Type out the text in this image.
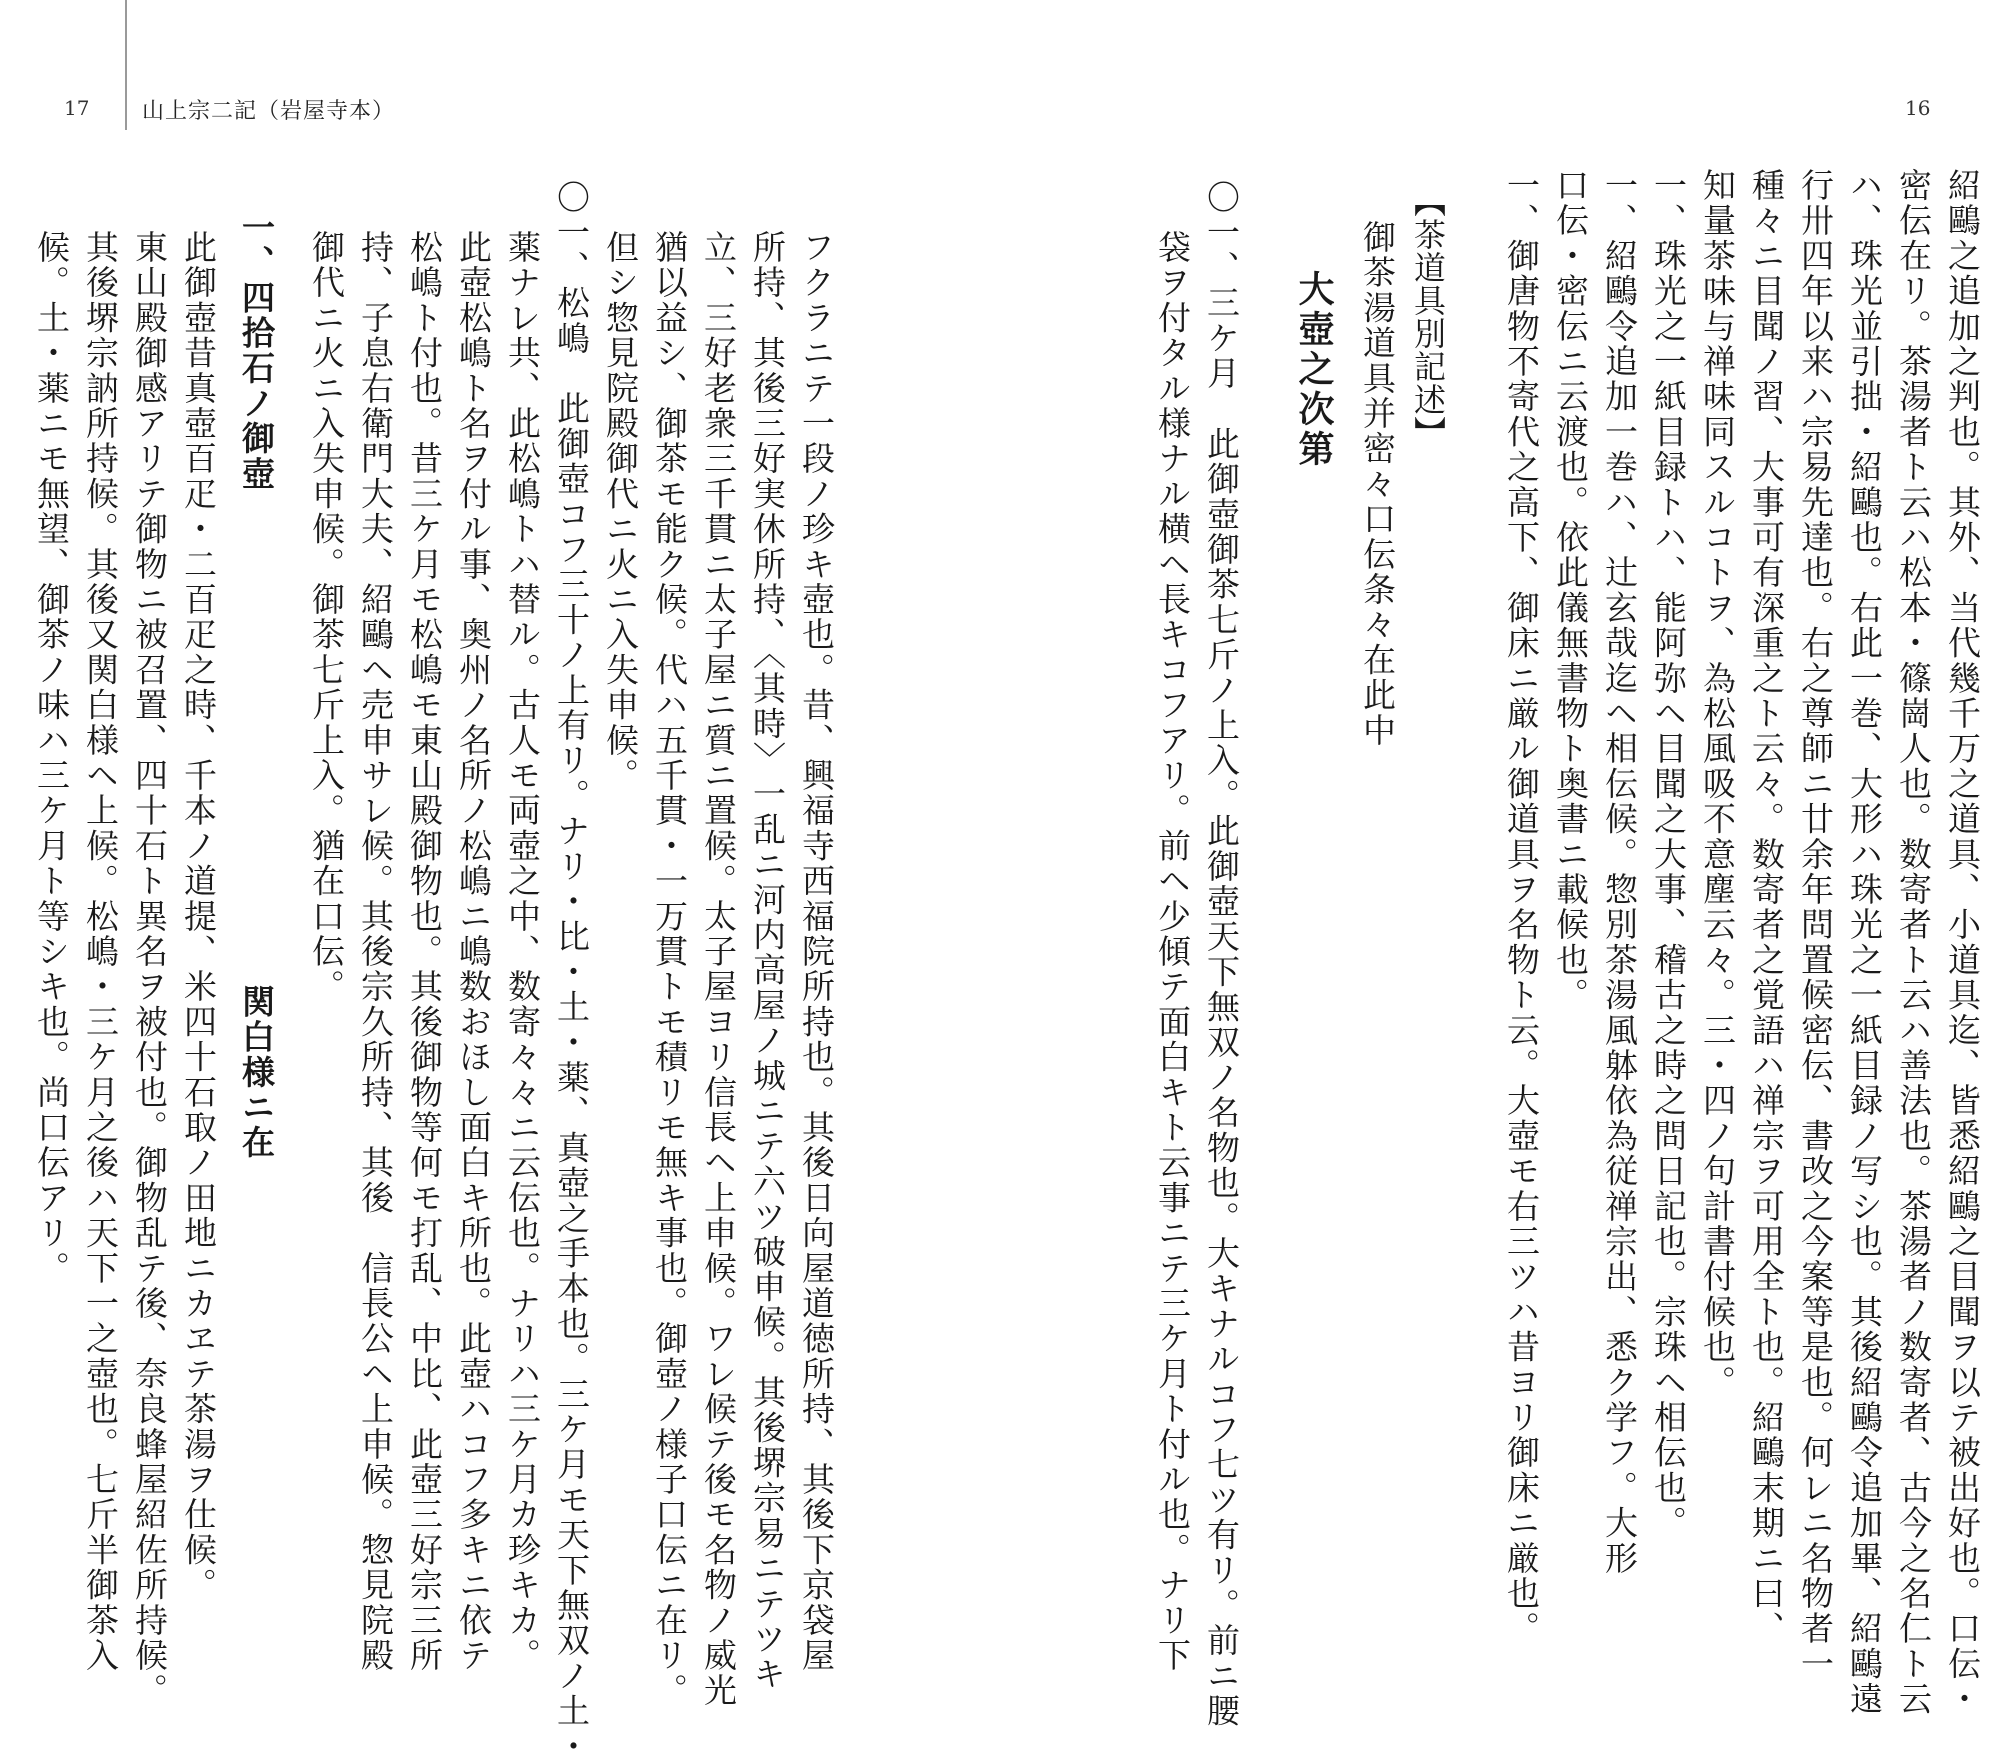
17 山上宗二記（岩屋寺本）	16
紹鷗之追加之判也。其外、当代幾千万之道具、小道具迄、皆悉紹鷗之目聞ヲ以テ被出好也。口伝・
密伝在リ。茶湯者ト云ハ松本・篠崗人也。数寄者ト云ハ善法也。茶湯者ノ数寄者、古今之名仁ト云
ハ、珠光並引拙・紹鷗也。右此一巻、大形ハ珠光之一紙目録ノ写シ也。其後紹鷗令追加畢、紹鷗遠
行卅四年以来ハ宗易先達也。右之尊師ニ廿余年問置候密伝、書改之今案等是也。何レニ名物者一
種々ニ目聞ノ習、大事可有深重之ト云々。数寄者之覚語ハ禅宗ヲ可用全ト也。紹鷗末期ニ曰、
知量茶味与禅味同スルコトヲ、為松風吸不意塵云々。三・四ノ句計書付候也。
一、珠光之一紙目録トハ、能阿弥ヘ目聞之大事、稽古之時之問日記也。宗珠ヘ相伝也。
一、紹鷗令追加一巻ハ、辻玄哉迄ヘ相伝候。惣別茶湯風躰依為従禅宗出、悉ク学フ。大形
口伝・密伝ニ云渡也。依此儀無書物ト奥書ニ載候也。
一、御唐物不寄代之高下、御床ニ厳ル御道具ヲ名物ト云。大壺モ右三ツハ昔ヨリ御床ニ厳也。
【茶道具別記述】
御茶湯道具并密々口伝条々在此中
大壺之次第
〇一、三ケ月　此御壺御茶七斤ノ上入。此御壺天下無双ノ名物也。大キナルコフ七ツ有リ。前ニ腰
袋ヲ付タル様ナル横ヘ長キコフアリ。前ヘ少傾テ面白キト云事ニテ三ケ月ト付ル也。ナリ下
フクラニテ一段ノ珍キ壺也。昔、興福寺西福院所持也。其後日向屋道徳所持、其後下京袋屋
所持、其後三好実休所持、〈其時〉一乱ニ河内高屋ノ城ニテ六ツ破申候。其後堺宗易ニテツキ
立、三好老衆三千貫ニ太子屋ニ質ニ置候。太子屋ヨリ信長ヘ上申候。ワレ候テ後モ名物ノ威光
猶以益シ、御茶モ能ク候。代ハ五千貫・一万貫トモ積リモ無キ事也。御壺ノ様子口伝ニ在リ。
但シ惣見院殿御代ニ火ニ入失申候。
〇一、松嶋　此御壺コフ三十ノ上有リ。ナリ・比・土・薬、真壺之手本也。三ケ月モ天下無双ノ土・
薬ナレ共、此松嶋トハ替ル。古人モ両壺之中、数寄々々ニ云伝也。ナリハ三ケ月カ珍キカ。
此壺松嶋ト名ヲ付ル事、奥州ノ名所ノ松嶋ニ嶋数おほし面白キ所也。此壺ハコフ多キニ依テ
松嶋ト付也。昔三ケ月モ松嶋モ東山殿御物也。其後御物等何モ打乱、中比、此壺三好宗三所
持、子息右衛門大夫、紹鷗ヘ売申サレ候。其後宗久所持、其後　信長公ヘ上申候。惣見院殿
御代ニ火ニ入失申候。御茶七斤上入。猶在口伝。
一、四拾石ノ御壺　　　　　　　　　　　　　　関白様ニ在
此御壺昔真壺百疋・二百疋之時、千本ノ道提、米四十石取ノ田地ニカヱテ茶湯ヲ仕候。
東山殿御感アリテ御物ニ被召置、四十石ト異名ヲ被付也。御物乱テ後、奈良蜂屋紹佐所持候。
其後堺宗訥所持候。其後又関白様ヘ上候。松嶋・三ケ月之後ハ天下一之壺也。七斤半御茶入
候。土・薬ニモ無望、御茶ノ味ハ三ケ月ト等シキ也。尚口伝アリ。
